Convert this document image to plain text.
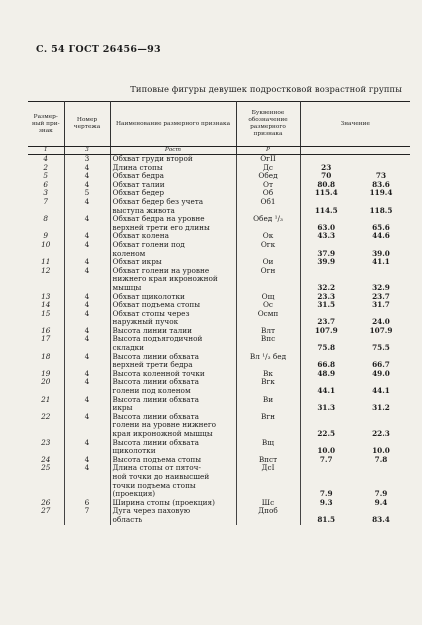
С. 54 ГОСТ 26456—93
Типовые фигуры девушек подростковой возрастной группы
Размер-ный при-знак	Номер чертежа	Наименование размерного признака	Буквенное обозначение размерного признака	Значение	
1	3	Рост	Р		
4	3	Обхват груди второй	ОгII		
2	4	Длина стопы	Дс	23	
5	4	Обхват бедра	Обед	70	73
6	4	Обхват талии	От	80.8	83.6
3	5	Обхват бедер	Об	115.4	119.4
7	4	Обхват бедер без учета
выступа живота	Об1	114.5	118.5
8	4	Обхват бедра на уровне
верхней трети его длины	Обед ¹/₃	63.0	65.6
9	4	Обхват колена	Ок	43.3	44.6
10	4	Обхват голени под
коленом	Огк	37.9	39.0
11	4	Обхват икры	Ои	39.9	41.1
12	4	Обхват голени на уровне
нижнего края икроножной
мышцы	Огн	32.2	32.9
13	4	Обхват щиколотки	Ощ	23.3	23.7
14	4	Обхват подъема стопы	Ос	31.5	31.7
15	4	Обхват стопы через
наружный пучок	Осмп	23.7	24.0
16	4	Высота линии талии	Влт	107.9	107.9
17	4	Высота подъягодичной
складки	Впс	75.8	75.5
18	4	Высота линии обхвата
верхней трети бедра	Вл ¹/₃ бед	66.8	66.7
19	4	Высота коленной точки	Вк	48.9	49.0
20	4	Высота линии обхвата
голени под коленом	Вгк	44.1	44.1
21	4	Высота линии обхвата
икры	Ви	31.3	31.2
22	4	Высота линии обхвата
голени на уровне нижнего
края икроножной мышцы	Вгн	22.5	22.3
23	4	Высота линии обхвата
щиколотки	Вщ	10.0	10.0
24	4	Высота подъема стопы	Впст	7.7	7.8
25	4	Длина стопы от пяточ-
ной точки до наивысшей
точки подъема стопы
(проекция)	ДсI	7.9	7.9
26	6	Ширина стопы (проекция)	Шс	9.3	9.4
27	7	Дуга через паховую
область	Дпоб	81.5	83.4
